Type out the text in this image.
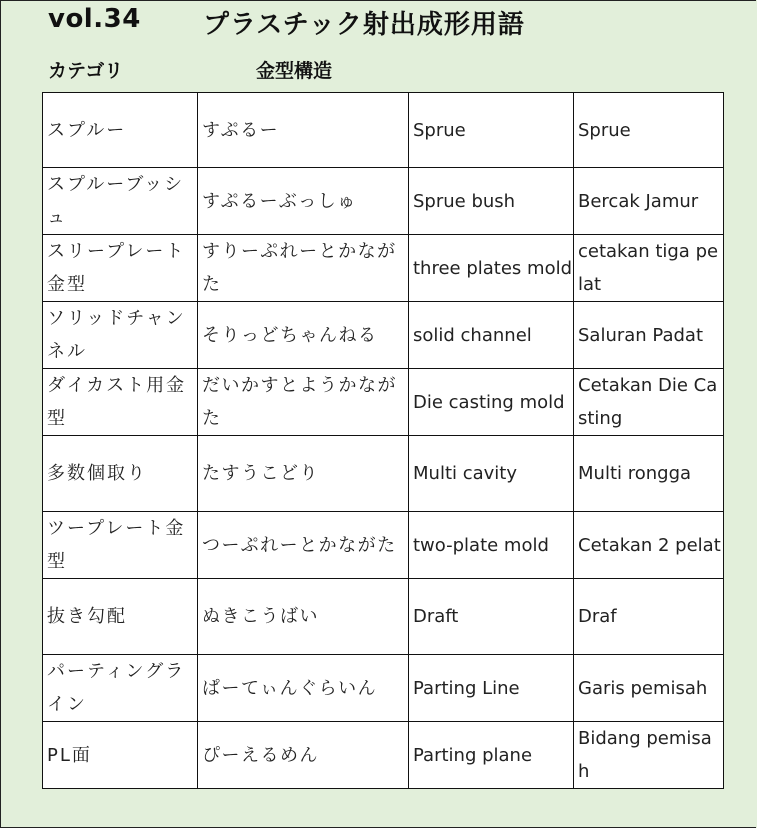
vol.34 プラスチック射出成形用語
カテゴリ	金型構造
スプルー	すぷるー	Sprue	Sprue
スプルーブッシュ	すぷるーぶっしゅ	Sprue bush	Bercak Jamur
スリープレート金型	すりーぷれーとかながた	three plates mold	cetakan tiga pelat
ソリッドチャンネル	そりっどちゃんねる	solid channel	Saluran Padat
ダイカスト用金型	だいかすとようかながた	Die casting mold	Cetakan Die Casting
多数個取り	たすうこどり	Multi cavity	Multi rongga
ツープレート金型	つーぷれーとかながた	two-plate mold	Cetakan 2 pelat
抜き勾配	ぬきこうばい	Draft	Draf
パーティングライン	ぱーてぃんぐらいん	Parting Line	Garis pemisah
PL面	ぴーえるめん	Parting plane	Bidang pemisah
